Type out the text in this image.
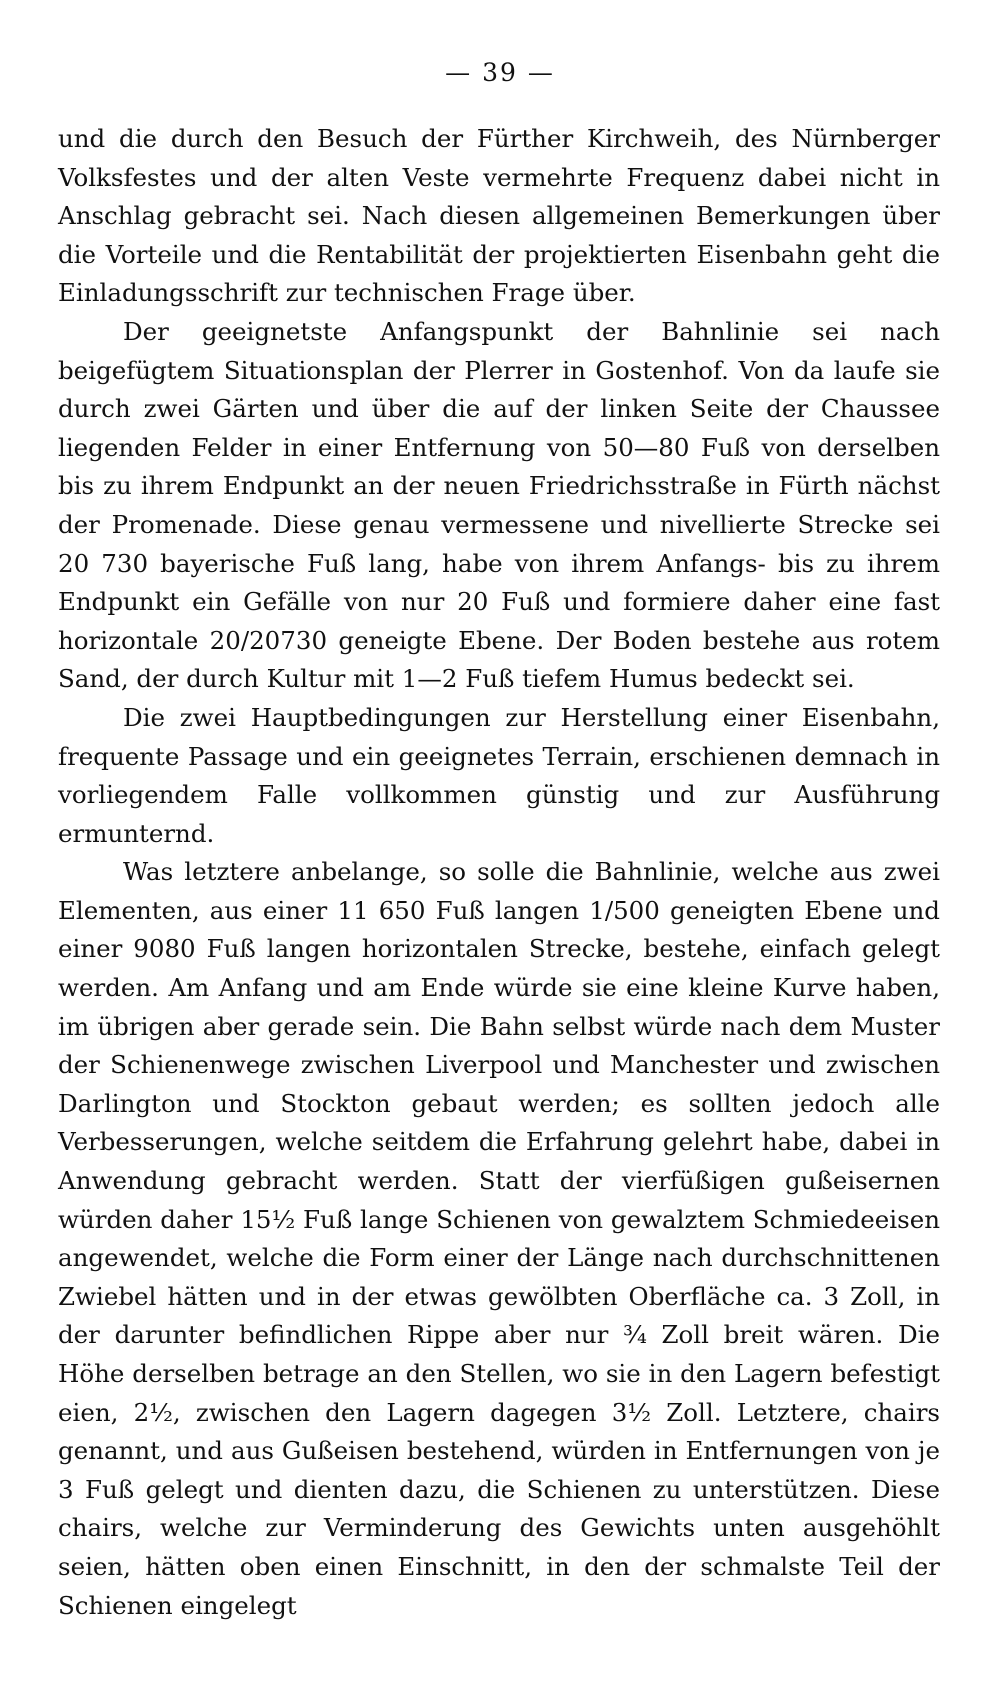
— 39 —

und die durch den Besuch der Fürther Kirchweih, des Nürnberger Volksfestes und der alten Veste vermehrte Frequenz dabei nicht in Anschlag gebracht sei. Nach diesen allgemeinen Bemerkungen über die Vorteile und die Rentabilität der projektierten Eisenbahn geht die Einladungsschrift zur technischen Frage über.

Der geeignetste Anfangspunkt der Bahnlinie sei nach beigefügtem Situationsplan der Plerrer in Gostenhof. Von da laufe sie durch zwei Gärten und über die auf der linken Seite der Chaussee liegenden Felder in einer Entfernung von 50—80 Fuß von derselben bis zu ihrem Endpunkt an der neuen Friedrichsstraße in Fürth nächst der Promenade. Diese genau vermessene und nivellierte Strecke sei 20 730 bayerische Fuß lang, habe von ihrem Anfangs- bis zu ihrem Endpunkt ein Gefälle von nur 20 Fuß und formiere daher eine fast horizontale 20/20730 geneigte Ebene. Der Boden bestehe aus rotem Sand, der durch Kultur mit 1—2 Fuß tiefem Humus bedeckt sei.

Die zwei Hauptbedingungen zur Herstellung einer Eisenbahn, frequente Passage und ein geeignetes Terrain, erschienen demnach in vorliegendem Falle vollkommen günstig und zur Ausführung ermunternd.

Was letztere anbelange, so solle die Bahnlinie, welche aus zwei Elementen, aus einer 11 650 Fuß langen 1/500 geneigten Ebene und einer 9080 Fuß langen horizontalen Strecke, bestehe, einfach gelegt werden. Am Anfang und am Ende würde sie eine kleine Kurve haben, im übrigen aber gerade sein. Die Bahn selbst würde nach dem Muster der Schienenwege zwischen Liverpool und Manchester und zwischen Darlington und Stockton gebaut werden; es sollten jedoch alle Verbesserungen, welche seitdem die Erfahrung gelehrt habe, dabei in Anwendung gebracht werden. Statt der vierfüßigen gußeisernen würden daher 15½ Fuß lange Schienen von gewalztem Schmiedeeisen angewendet, welche die Form einer der Länge nach durchschnittenen Zwiebel hätten und in der etwas gewölbten Oberfläche ca. 3 Zoll, in der darunter befindlichen Rippe aber nur ¾ Zoll breit wären. Die Höhe derselben betrage an den Stellen, wo sie in den Lagern befestigt eien, 2½, zwischen den Lagern dagegen 3½ Zoll. Letztere, chairs genannt, und aus Gußeisen bestehend, würden in Entfernungen von je 3 Fuß gelegt und dienten dazu, die Schienen zu unterstützen. Diese chairs, welche zur Verminderung des Gewichts unten ausgehöhlt seien, hätten oben einen Einschnitt, in den der schmalste Teil der Schienen eingelegt
